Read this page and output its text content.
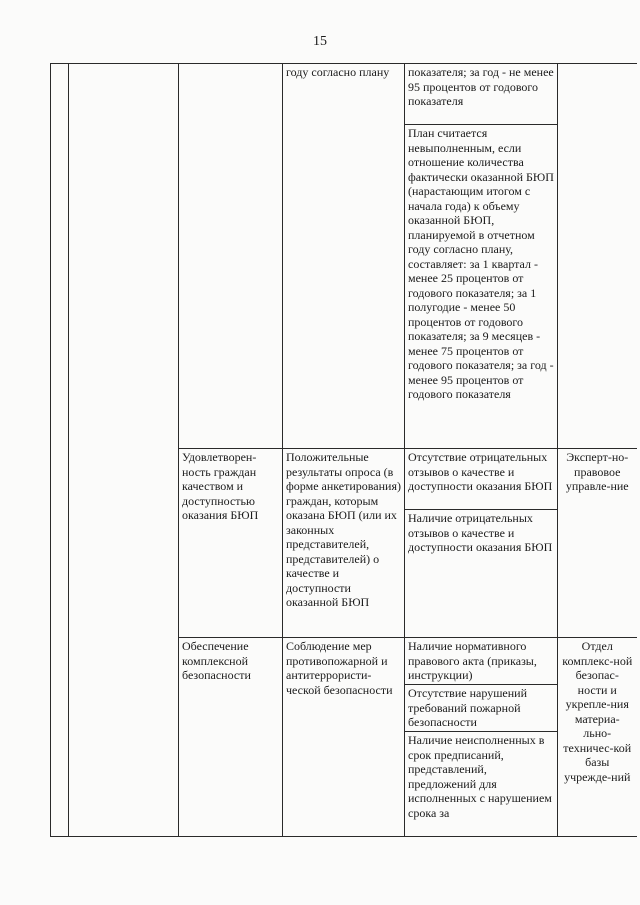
15
			году согласно плану	показателя; за год - не менее 95 процентов от годового показателя	
				План считается невыполненным, если отношение количества фактически оказанной БЮП (нарастающим итогом с начала года) к объему оказанной БЮП, планируемой в отчетном году согласно плану, составляет: за 1 квартал - менее 25 процентов от годового показателя; за 1 полугодие - менее 50 процентов от годового показателя; за 9 месяцев - менее 75 процентов от годового показателя; за год - менее 95 процентов от годового показателя	
		Удовлетворен-ность граждан качеством и доступностью оказания БЮП	Положительные результаты опроса (в форме анкетирования) граждан, которым оказана БЮП (или их законных представителей, представителей) о качестве и доступности оказанной БЮП	Отсутствие отрицательных отзывов о качестве и доступности оказания БЮП	Эксперт-но-правовое управле-ние
				Наличие отрицательных отзывов о качестве и доступности оказания БЮП	
		Обеспечение комплексной безопасности	Соблюдение мер противопожарной и антитеррористи-ческой безопасности	Наличие нормативного правового акта (приказы, инструкции)	Отдел комплекс-ной безопас-ности и укрепле-ния материа-льно-техничес-кой базы учрежде-ний
				Отсутствие нарушений требований пожарной безопасности	
				Наличие неисполненных в срок предписаний, представлений, предложений для исполненных с нарушением срока за	
